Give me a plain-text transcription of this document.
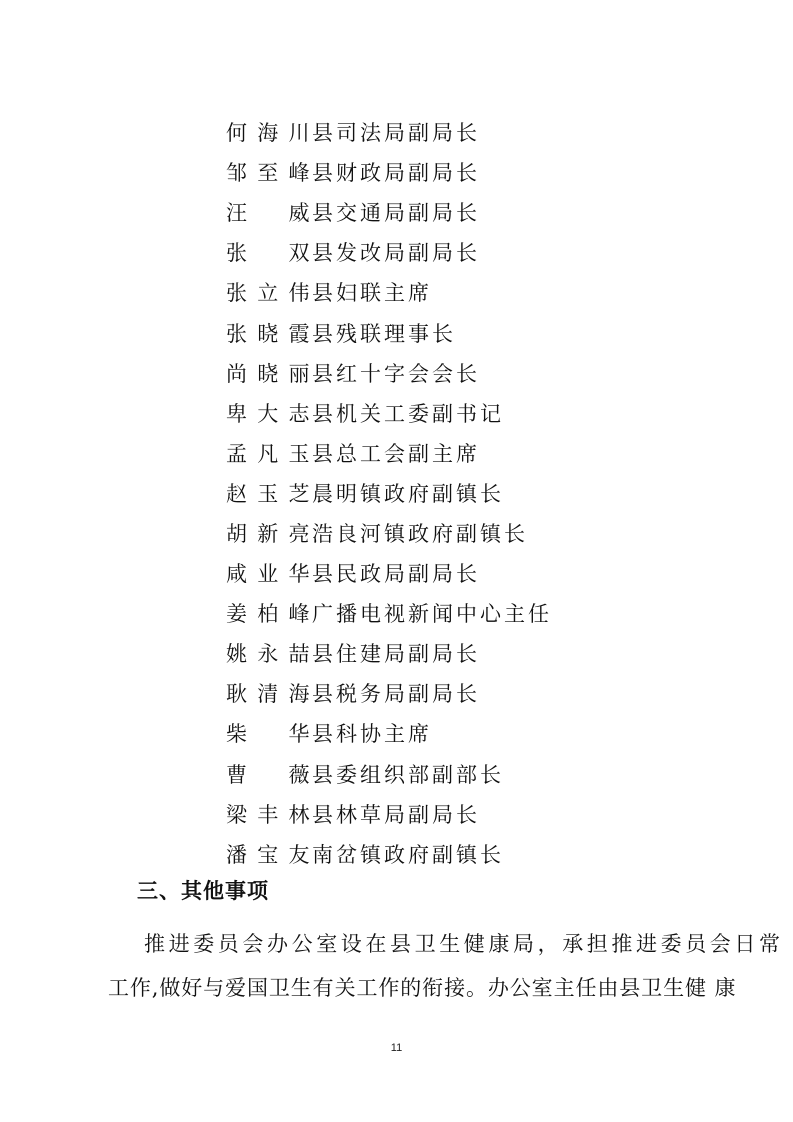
何海川 县司法局副局长
邹至峰 县财政局副局长
汪　威 县交通局副局长
张　双 县发改局副局长
张立伟 县妇联主席
张晓霞 县残联理事长
尚晓丽 县红十字会会长
卑大志 县机关工委副书记
孟凡玉 县总工会副主席
赵玉芝 晨明镇政府副镇长
胡新亮 浩良河镇政府副镇长
咸业华 县民政局副局长
姜柏峰 广播电视新闻中心主任
姚永喆 县住建局副局长
耿清海 县税务局副局长
柴　华 县科协主席
曹　薇 县委组织部副部长
梁丰林 县林草局副局长
潘宝友 南岔镇政府副镇长
三、其他事项

推进委员会办公室设在县卫生健康局，承担推进委员会日常
工作,做好与爱国卫生有关工作的衔接。办公室主任由县卫生健 康

11
